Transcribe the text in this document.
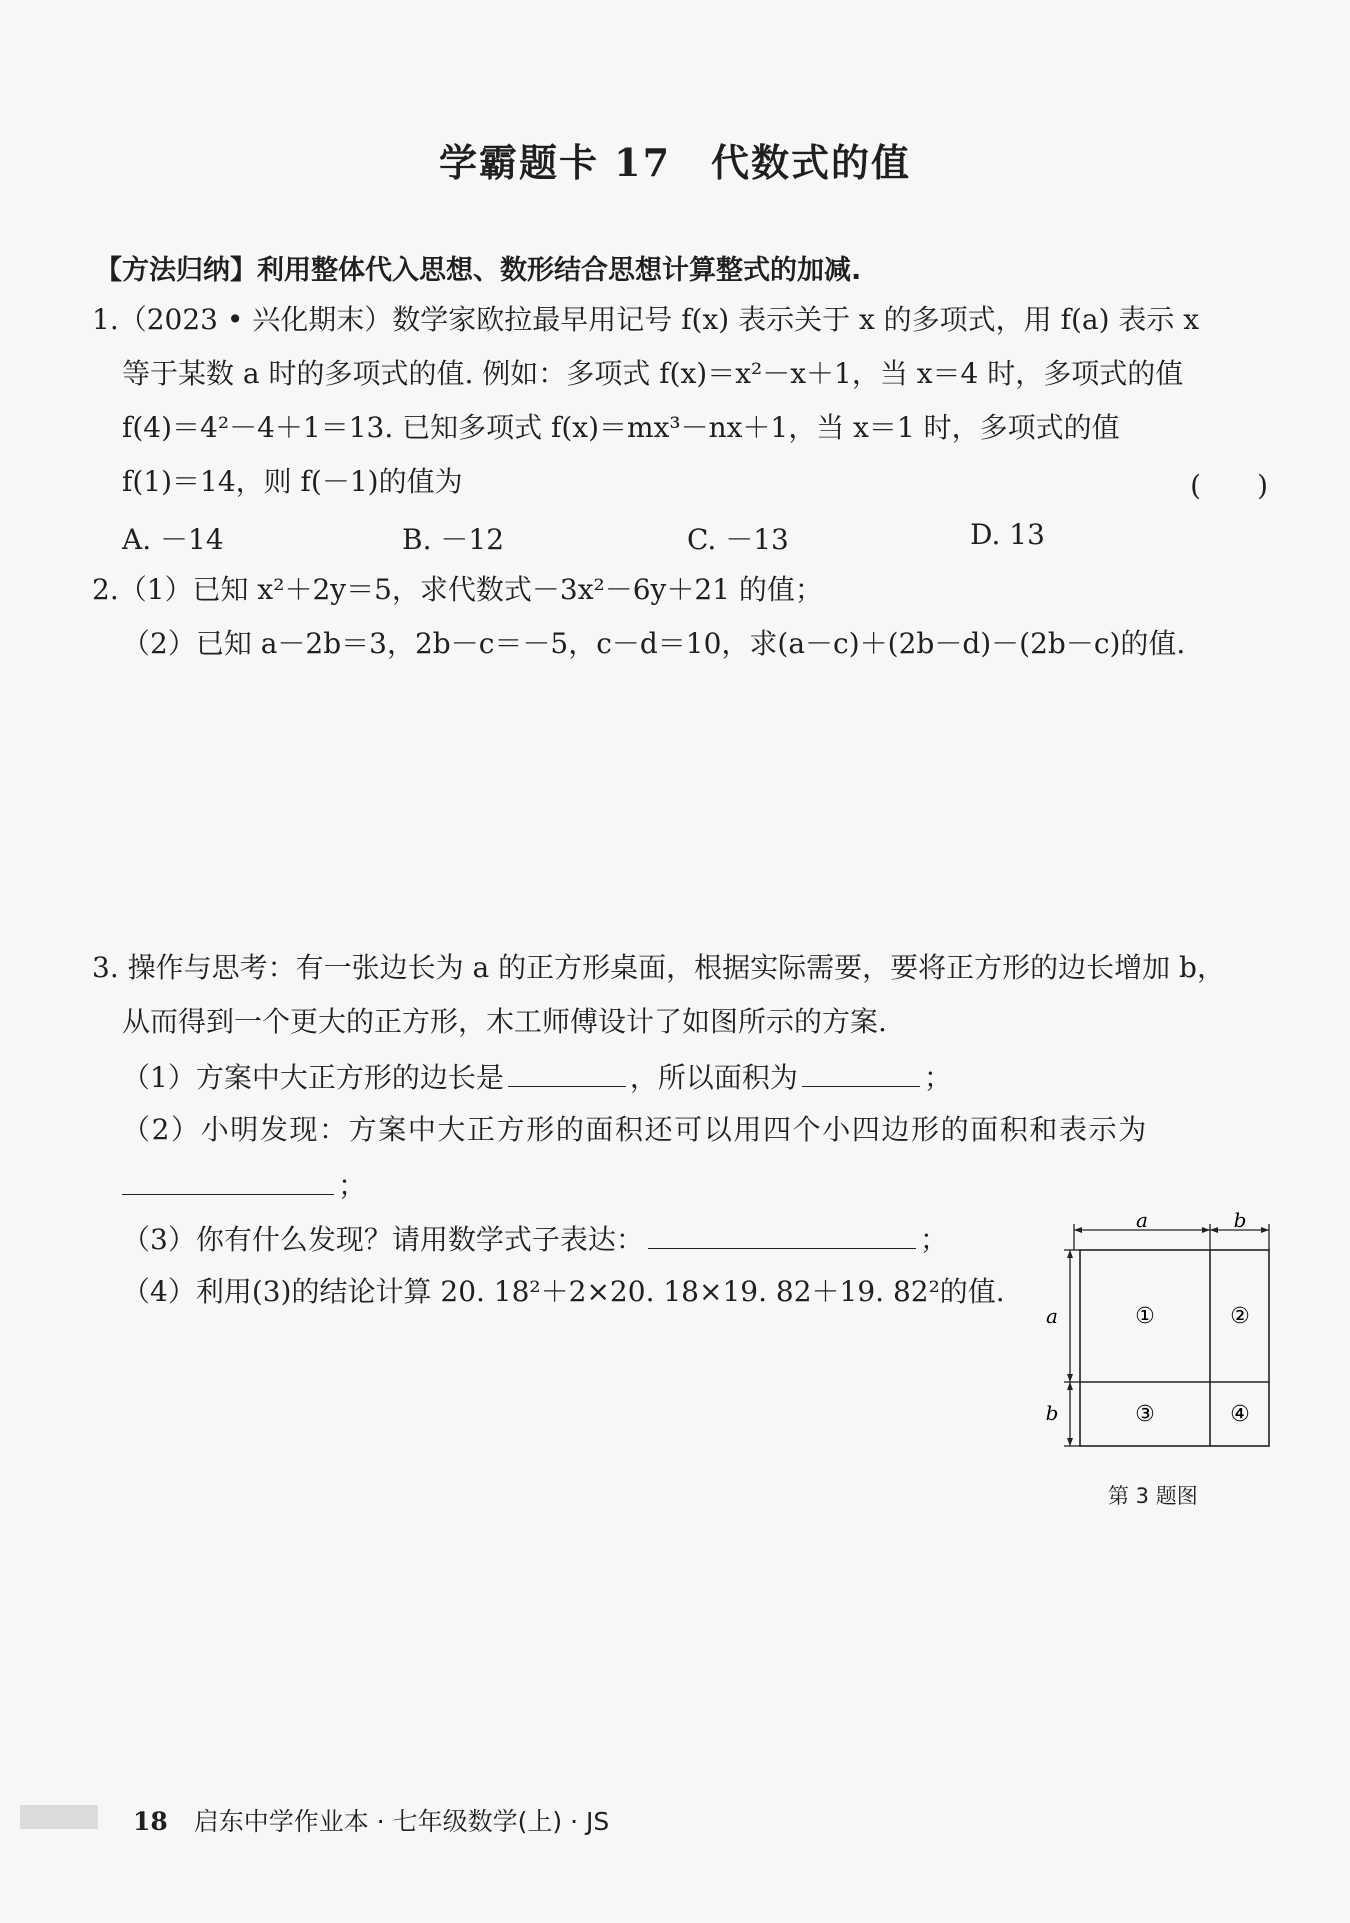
学霸题卡 17　代数式的值
【方法归纳】利用整体代入思想、数形结合思想计算整式的加减.
1.（2023 • 兴化期末）数学家欧拉最早用记号 f(x) 表示关于 x 的多项式，用 f(a) 表示 x
等于某数 a 时的多项式的值. 例如：多项式 f(x)＝x²－x＋1，当 x＝4 时，多项式的值
f(4)＝4²－4＋1＝13. 已知多项式 f(x)＝mx³－nx＋1，当 x＝1 时，多项式的值
f(1)＝14，则 f(－1)的值为	(　　)
A. －14	B. －12	C. －13	D. 13
2.（1）已知 x²＋2y＝5，求代数式－3x²－6y＋21 的值；
（2）已知 a－2b＝3，2b－c＝－5，c－d＝10，求(a－c)＋(2b－d)－(2b－c)的值.
3. 操作与思考：有一张边长为 a 的正方形桌面，根据实际需要，要将正方形的边长增加 b，
从而得到一个更大的正方形，木工师傅设计了如图所示的方案.
（1）方案中大正方形的边长是	，所以面积为	；
（2）小明发现：方案中大正方形的面积还可以用四个小四边形的面积和表示为
；
（3）你有什么发现？请用数学式子表达：	；
（4）利用(3)的结论计算 20. 18²＋2×20. 18×19. 82＋19. 82²的值.
a	b
a
b
①	②
③	④
第 3 题图
18 启东中学作业本 · 七年级数学(上) · JS
